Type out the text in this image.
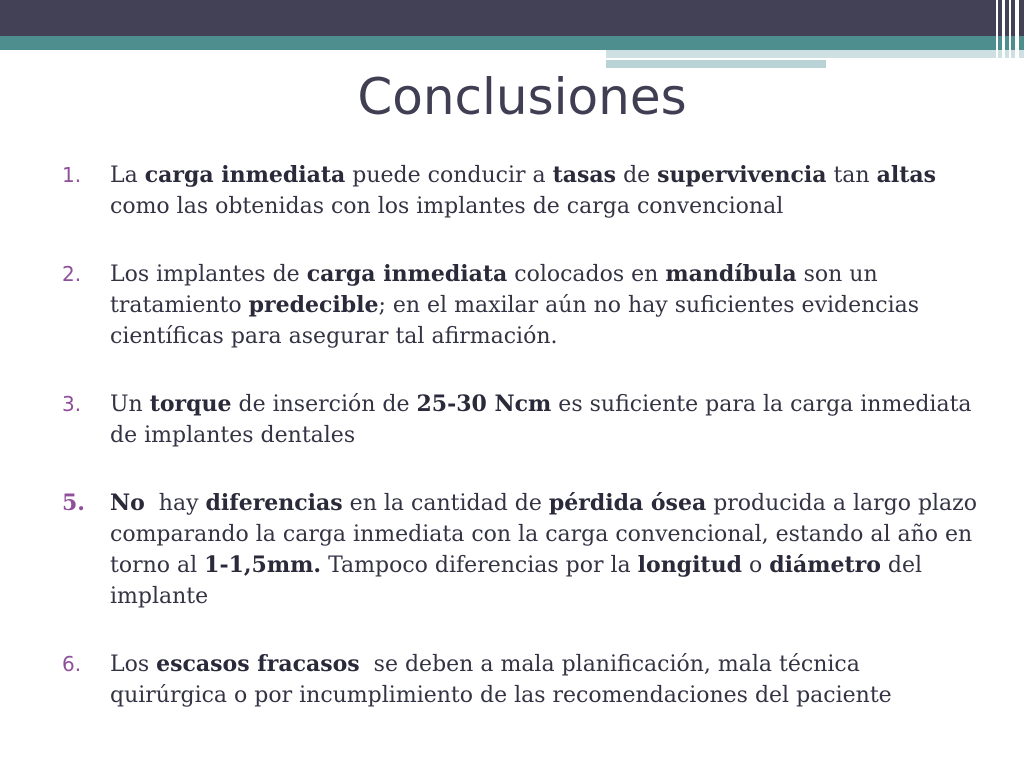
Conclusiones
1. La carga inmediata puede conducir a tasas de supervivencia tan altas como las obtenidas con los implantes de carga convencional
2. Los implantes de carga inmediata colocados en mandíbula son un tratamiento predecible; en el maxilar aún no hay suficientes evidencias científicas para asegurar tal afirmación.
3. Un torque de inserción de 25-30 Ncm es suficiente para la carga inmediata de implantes dentales
5. No  hay diferencias en la cantidad de pérdida ósea producida a largo plazo comparando la carga inmediata con la carga convencional, estando al año en torno al 1-1,5mm. Tampoco diferencias por la longitud o diámetro del implante
6. Los escasos fracasos  se deben a mala planificación, mala técnica quirúrgica o por incumplimiento de las recomendaciones del paciente
